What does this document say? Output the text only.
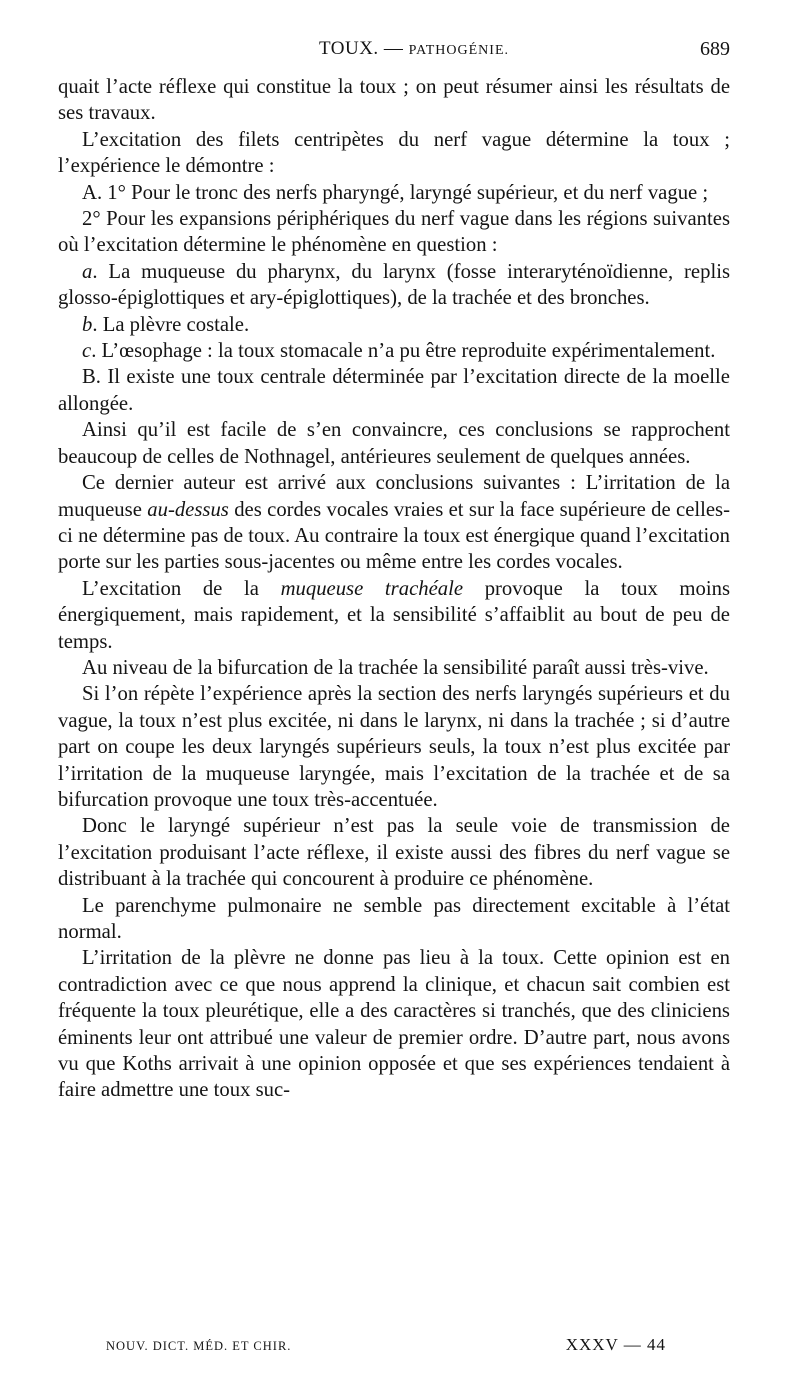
TOUX. — PATHOGÉNIE.	689

quait l’acte réflexe qui constitue la toux ; on peut résumer ainsi les résultats de ses travaux.

L’excitation des filets centripètes du nerf vague détermine la toux ; l’expérience le démontre :

A. 1° Pour le tronc des nerfs pharyngé, laryngé supérieur, et du nerf vague ;

2° Pour les expansions périphériques du nerf vague dans les régions suivantes où l’excitation détermine le phénomène en question :

a. La muqueuse du pharynx, du larynx (fosse interaryténoïdienne, replis glosso-épiglottiques et ary-épiglottiques), de la trachée et des bronches.

b. La plèvre costale.

c. L’œsophage : la toux stomacale n’a pu être reproduite expérimentalement.

B. Il existe une toux centrale déterminée par l’excitation directe de la moelle allongée.

Ainsi qu’il est facile de s’en convaincre, ces conclusions se rapprochent beaucoup de celles de Nothnagel, antérieures seulement de quelques années.

Ce dernier auteur est arrivé aux conclusions suivantes : L’irritation de la muqueuse au-dessus des cordes vocales vraies et sur la face supérieure de celles-ci ne détermine pas de toux. Au contraire la toux est énergique quand l’excitation porte sur les parties sous-jacentes ou même entre les cordes vocales.

L’excitation de la muqueuse trachéale provoque la toux moins énergiquement, mais rapidement, et la sensibilité s’affaiblit au bout de peu de temps.

Au niveau de la bifurcation de la trachée la sensibilité paraît aussi très-vive.

Si l’on répète l’expérience après la section des nerfs laryngés supérieurs et du vague, la toux n’est plus excitée, ni dans le larynx, ni dans la trachée ; si d’autre part on coupe les deux laryngés supérieurs seuls, la toux n’est plus excitée par l’irritation de la muqueuse laryngée, mais l’excitation de la trachée et de sa bifurcation provoque une toux très-accentuée.

Donc le laryngé supérieur n’est pas la seule voie de transmission de l’excitation produisant l’acte réflexe, il existe aussi des fibres du nerf vague se distribuant à la trachée qui concourent à produire ce phénomène.

Le parenchyme pulmonaire ne semble pas directement excitable à l’état normal.

L’irritation de la plèvre ne donne pas lieu à la toux. Cette opinion est en contradiction avec ce que nous apprend la clinique, et chacun sait combien est fréquente la toux pleurétique, elle a des caractères si tranchés, que des cliniciens éminents leur ont attribué une valeur de premier ordre. D’autre part, nous avons vu que Koths arrivait à une opinion opposée et que ses expériences tendaient à faire admettre une toux suc-

NOUV. DICT. MÉD. ET CHIR.	XXXV — 44
